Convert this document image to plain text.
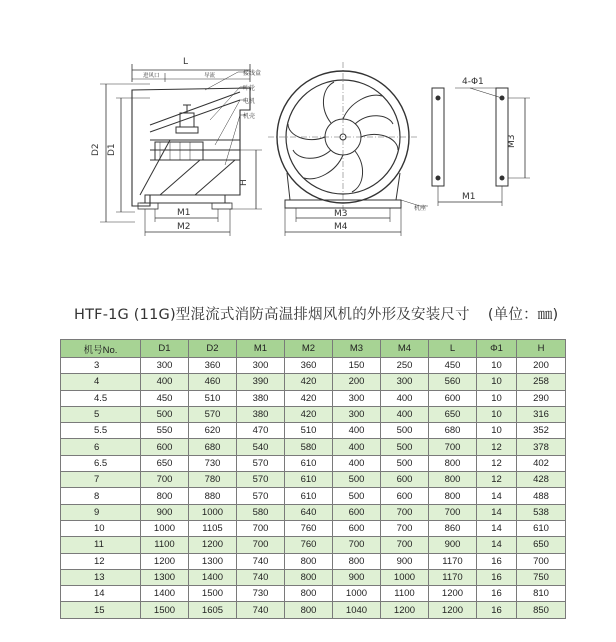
L
进风口	导流
D2 D1
接线盒
叶轮
电机
机壳
H
M1
M2
机座
M3
M4
4-Φ1
M3
M1
HTF-1G (11G)型混流式消防高温排烟风机的外形及安装尺寸 (单位：㎜)
机号No.	D1	D2	M1	M2	M3	M4	L	Φ1	H
3	300	360	300	360	150	250	450	10	200
4	400	460	390	420	200	300	560	10	258
4.5	450	510	380	420	300	400	600	10	290
5	500	570	380	420	300	400	650	10	316
5.5	550	620	470	510	400	500	680	10	352
6	600	680	540	580	400	500	700	12	378
6.5	650	730	570	610	400	500	800	12	402
7	700	780	570	610	500	600	800	12	428
8	800	880	570	610	500	600	800	14	488
9	900	1000	580	640	600	700	700	14	538
10	1000	1105	700	760	600	700	860	14	610
11	1100	1200	700	760	700	700	900	14	650
12	1200	1300	740	800	800	900	1170	16	700
13	1300	1400	740	800	900	1000	1170	16	750
14	1400	1500	730	800	1000	1100	1200	16	810
15	1500	1605	740	800	1040	1200	1200	16	850
